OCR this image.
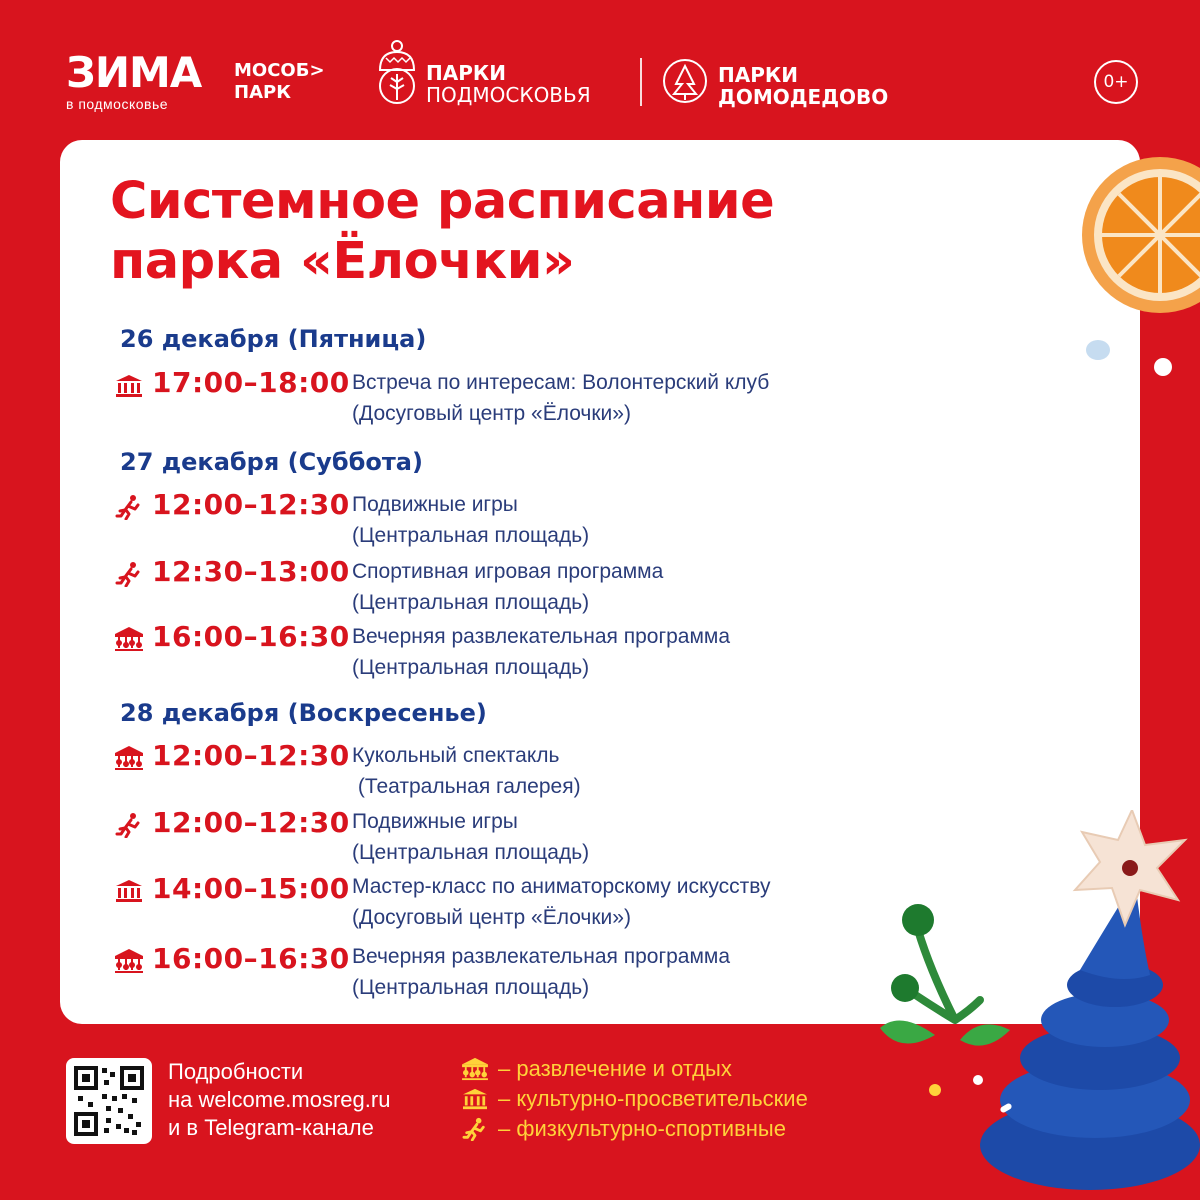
ЗИМА
в подмосковье
МОСОБ>
ПАРК
ПАРКИ
ПОДМОСКОВЬЯ
ПАРКИ
ДОМОДЕДОВО
0+
Системное расписание
парка «Ёлочки»
26 декабря (Пятница)
17:00–18:00 Встреча по интересам: Волонтерский клуб
(Досуговый центр «Ёлочки»)
27 декабря (Суббота)
12:00–12:30 Подвижные игры
(Центральная площадь)
12:30–13:00 Спортивная игровая программа
(Центральная площадь)
16:00–16:30 Вечерняя развлекательная программа
(Центральная площадь)
28 декабря (Воскресенье)
12:00–12:30 Кукольный спектакль
(Театральная галерея)
12:00–12:30 Подвижные игры
(Центральная площадь)
14:00–15:00 Мастер-класс по аниматорскому искусству
(Досуговый центр «Ёлочки»)
16:00–16:30 Вечерняя развлекательная программа
(Центральная площадь)
Подробности
на welcome.mosreg.ru
и в Telegram-канале
– развлечение и отдых
– культурно-просветительские
– физкультурно-спортивные
